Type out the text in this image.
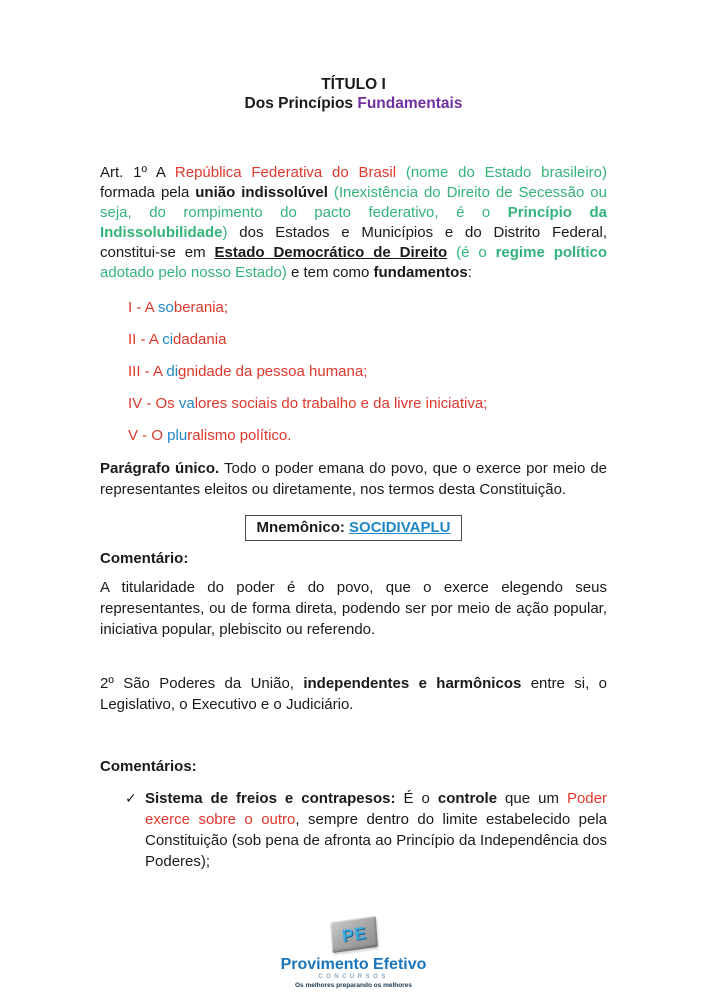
TÍTULO I
Dos Princípios Fundamentais

Art. 1º A República Federativa do Brasil (nome do Estado brasileiro) formada pela união indissolúvel (Inexistência do Direito de Secessão ou seja, do rompimento do pacto federativo, é o Princípio da Indissolubilidade) dos Estados e Municípios e do Distrito Federal, constitui-se em Estado Democrático de Direito (é o regime político adotado pelo nosso Estado) e tem como fundamentos:

I - A soberania;
II - A cidadania
III - A dignidade da pessoa humana;
IV - Os valores sociais do trabalho e da livre iniciativa;
V - O pluralismo político.

Parágrafo único. Todo o poder emana do povo, que o exerce por meio de representantes eleitos ou diretamente, nos termos desta Constituição.

Mnemônico: SOCIDIVAPLU
Comentário:

A titularidade do poder é do povo, que o exerce elegendo seus representantes, ou de forma direta, podendo ser por meio de ação popular, iniciativa popular, plebiscito ou referendo.

2º São Poderes da União, independentes e harmônicos entre si, o Legislativo, o Executivo e o Judiciário.

Comentários:
✓ Sistema de freios e contrapesos: É o controle que um Poder exerce sobre o outro, sempre dentro do limite estabelecido pela Constituição (sob pena de afronta ao Princípio da Independência dos Poderes);
PE
Provimento Efetivo
CONCURSOS
Os melhores preparando os melhores
